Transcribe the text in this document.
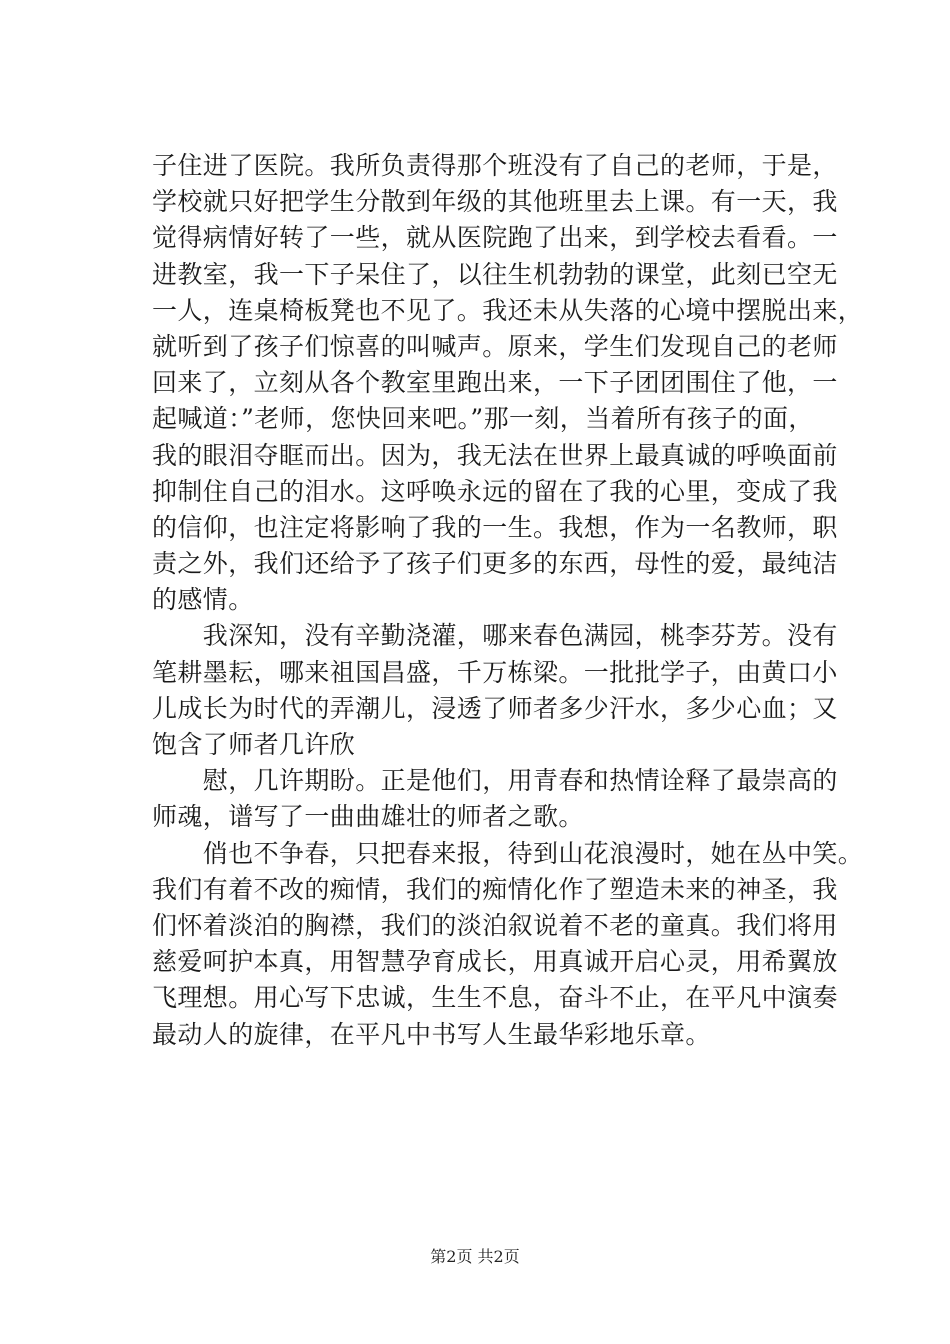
子住进了医院。我所负责得那个班没有了自己的老师，于是，
学校就只好把学生分散到年级的其他班里去上课。有一天，我
觉得病情好转了一些，就从医院跑了出来，到学校去看看。一
进教室，我一下子呆住了，以往生机勃勃的课堂，此刻已空无
一人，连桌椅板凳也不见了。我还未从失落的心境中摆脱出来，
就听到了孩子们惊喜的叫喊声。原来，学生们发现自己的老师
回来了，立刻从各个教室里跑出来，一下子团团围住了他，一
起喊道：”老师，您快回来吧。”那一刻，当着所有孩子的面，
我的眼泪夺眶而出。因为，我无法在世界上最真诚的呼唤面前
抑制住自己的泪水。这呼唤永远的留在了我的心里，变成了我
的信仰，也注定将影响了我的一生。我想，作为一名教师，职
责之外，我们还给予了孩子们更多的东西，母性的爱，最纯洁
的感情。
　　我深知，没有辛勤浇灌，哪来春色满园，桃李芬芳。没有
笔耕墨耘，哪来祖国昌盛，千万栋梁。一批批学子，由黄口小
儿成长为时代的弄潮儿，浸透了师者多少汗水，多少心血；又
饱含了师者几许欣
　　慰，几许期盼。正是他们，用青春和热情诠释了最崇高的
师魂，谱写了一曲曲雄壮的师者之歌。
　　俏也不争春，只把春来报，待到山花浪漫时，她在丛中笑。
我们有着不改的痴情，我们的痴情化作了塑造未来的神圣，我
们怀着淡泊的胸襟，我们的淡泊叙说着不老的童真。我们将用
慈爱呵护本真，用智慧孕育成长，用真诚开启心灵，用希翼放
飞理想。用心写下忠诚，生生不息，奋斗不止，在平凡中演奏
最动人的旋律，在平凡中书写人生最华彩地乐章。
第2页 共2页
